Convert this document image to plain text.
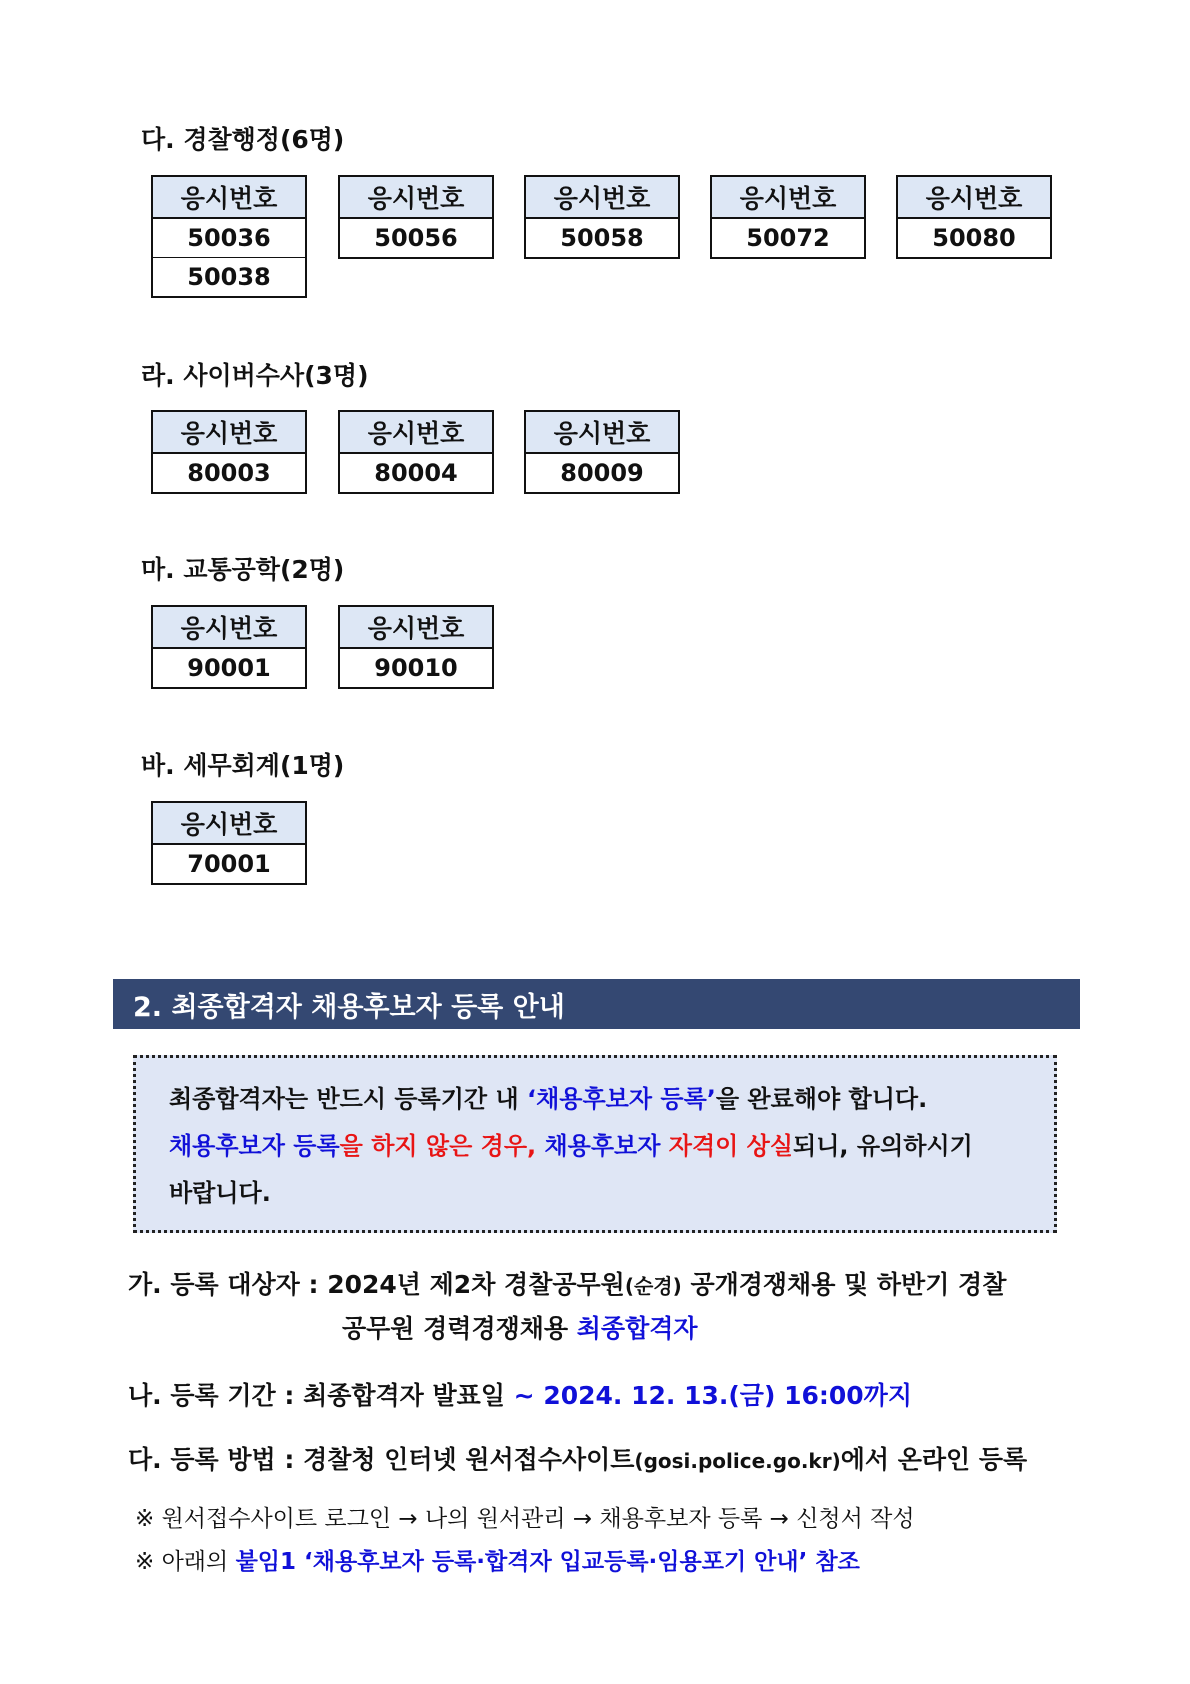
다. 경찰행정(6명)
응시번호
50036
50038
응시번호
50056
응시번호
50058
응시번호
50072
응시번호
50080
라. 사이버수사(3명)
응시번호
80003
응시번호
80004
응시번호
80009
마. 교통공학(2명)
응시번호
90001
응시번호
90010
바. 세무회계(1명)
응시번호
70001
2. 최종합격자 채용후보자 등록 안내
최종합격자는 반드시 등록기간 내 ‘채용후보자 등록’을 완료해야 합니다.
채용후보자 등록을 하지 않은 경우, 채용후보자 자격이 상실되니, 유의하시기
바랍니다.
가. 등록 대상자 : 2024년 제2차 경찰공무원(순경) 공개경쟁채용 및 하반기 경찰
공무원 경력경쟁채용 최종합격자
나. 등록 기간 : 최종합격자 발표일 ~ 2024. 12. 13.(금) 16:00까지
다. 등록 방법 : 경찰청 인터넷 원서접수사이트(gosi.police.go.kr)에서 온라인 등록
※ 원서접수사이트 로그인 → 나의 원서관리 → 채용후보자 등록 → 신청서 작성
※ 아래의 붙임1 ‘채용후보자 등록·합격자 입교등록·임용포기 안내’ 참조
